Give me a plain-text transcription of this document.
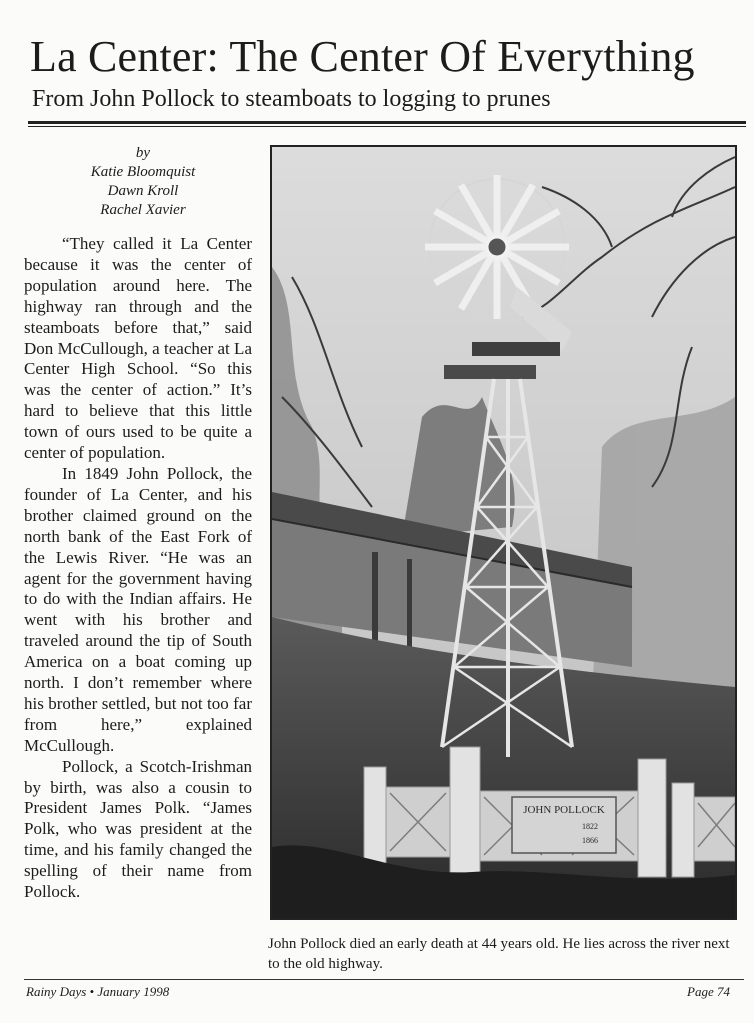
La Center: The Center Of Everything
From John Pollock to steamboats to logging to prunes
by
Katie Bloomquist
Dawn Kroll
Rachel Xavier

“They called it La Center because it was the center of population around here. The highway ran through and the steamboats before that,” said Don McCullough, a teacher at La Center High School. “So this was the center of action.” It’s hard to believe that this little town of ours used to be quite a center of population.

In 1849 John Pollock, the founder of La Center, and his brother claimed ground on the north bank of the East Fork of the Lewis River. “He was an agent for the government having to do with the Indian affairs. He went with his brother and traveled around the tip of South America on a boat coming up north. I don’t remember where his brother settled, but not too far from here,” explained McCullough.

Pollock, a Scotch-Irishman by birth, was also a cousin to President James Polk. “James Polk, who was president at the time, and his family changed the spelling of their name from Pollock.

JOHN POLLOCK
1822
1866
John Pollock died an early death at 44 years old. He lies across the river next to the old highway.
Rainy Days • January 1998	Page 74
